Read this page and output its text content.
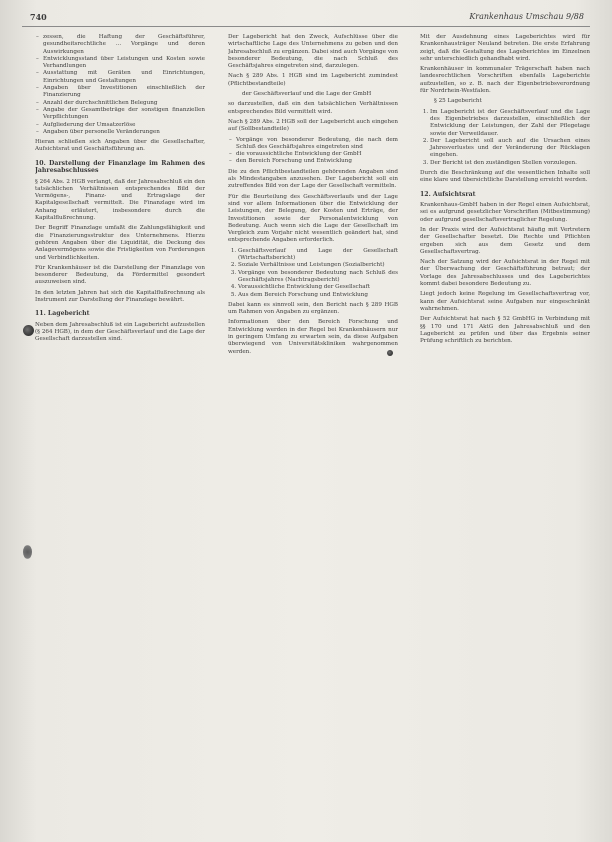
740	Krankenhaus Umschau 9/88
– zessen, die Haftung der Geschäftsführer, gesundheitsrechtliche ... Vorgänge und deren Auswirkungen
– Entwicklungsstand über Leistungen und Kosten sowie Verhandlungen
– Ausstattung mit Geräten und Einrichtungen, Einrichtungen und Gestaltungen
– Angaben über Investitionen einschließlich der Finanzierung
– Anzahl der durchschnittlichen Belegung
– Angabe der Gesamtbeträge der sonstigen finanziellen Verpflichtungen
– Aufgliederung der Umsatzerlöse
– Angaben über personelle Veränderungen

Hieran schließen sich Angaben über die Gesellschafter, Aufsichtsrat und Geschäftsführung an.

10. Darstellung der Finanzlage im Rahmen des Jahresabschlusses

§ 264 Abs. 2 HGB verlangt, daß der Jahresabschluß ein den tatsächlichen Verhältnissen entsprechendes Bild der Vermögens-, Finanz- und Ertragslage der Kapitalgesellschaft vermittelt. Die Finanzlage wird im Anhang erläutert, insbesondere durch die Kapitalflußrechnung.

Der Begriff Finanzlage umfaßt die Zahlungsfähigkeit und die Finanzierungsstruktur des Unternehmens. Hierzu gehören Angaben über die Liquidität, die Deckung des Anlagevermögens sowie die Fristigkeiten von Forderungen und Verbindlichkeiten.

Für Krankenhäuser ist die Darstellung der Finanzlage von besonderer Bedeutung, da Fördermittel gesondert auszuweisen sind.

In den letzten Jahren hat sich die Kapitalflußrechnung als Instrument zur Darstellung der Finanzlage bewährt.

11. Lagebericht

Neben dem Jahresabschluß ist ein Lagebericht aufzustellen (§ 264 HGB), in dem der Geschäftsverlauf und die Lage der Gesellschaft darzustellen sind.

Der Lagebericht hat den Zweck, Aufschlüsse über die wirtschaftliche Lage des Unternehmens zu geben und den Jahresabschluß zu ergänzen. Dabei sind auch Vorgänge von besonderer Bedeutung, die nach Schluß des Geschäftsjahres eingetreten sind, darzulegen.

Nach § 289 Abs. 1 HGB sind im Lagebericht zumindest (Pflichtbestandteile)

der Geschäftsverlauf und die Lage der GmbH

so darzustellen, daß ein den tatsächlichen Verhältnissen entsprechendes Bild vermittelt wird.

Nach § 289 Abs. 2 HGB soll der Lagebericht auch eingehen auf (Sollbestandteile)

– Vorgänge von besonderer Bedeutung, die nach dem Schluß des Geschäftsjahres eingetreten sind
– die voraussichtliche Entwicklung der GmbH
– den Bereich Forschung und Entwicklung

Die zu den Pflichtbestandteilen gehörenden Angaben sind als Mindestangaben anzusehen. Der Lagebericht soll ein zutreffendes Bild von der Lage der Gesellschaft vermitteln.

Für die Beurteilung des Geschäftsverlaufs und der Lage sind vor allem Informationen über die Entwicklung der Leistungen, der Belegung, der Kosten und Erträge, der Investitionen sowie der Personalentwicklung von Bedeutung. Auch wenn sich die Lage der Gesellschaft im Vergleich zum Vorjahr nicht wesentlich geändert hat, sind entsprechende Angaben erforderlich.

1. Geschäftsverlauf und Lage der Gesellschaft (Wirtschaftsbericht)
2. Soziale Verhältnisse und Leistungen (Sozialbericht)
3. Vorgänge von besonderer Bedeutung nach Schluß des Geschäftsjahres (Nachtragsbericht)
4. Voraussichtliche Entwicklung der Gesellschaft
5. Aus dem Bereich Forschung und Entwicklung

Dabei kann es sinnvoll sein, den Bericht nach § 289 HGB um Rahmen von Angaben zu ergänzen.

Informationen über den Bereich Forschung und Entwicklung werden in der Regel bei Krankenhäusern nur in geringem Umfang zu erwarten sein, da diese Aufgaben überwiegend von Universitätskliniken wahrgenommen werden.

Mit der Ausdehnung eines Lageberichtes wird für Krankenhausträger Neuland betreten. Die erste Erfahrung zeigt, daß die Gestaltung des Lageberichtes im Einzelnen sehr unterschiedlich gehandhabt wird.

Krankenhäuser in kommunaler Trägerschaft haben nach landesrechtlichen Vorschriften ebenfalls Lageberichte aufzustellen, so z. B. nach der Eigenbetriebsverordnung für Nordrhein-Westfalen.

§ 25 Lagebericht

1. Im Lagebericht ist der Geschäftsverlauf und die Lage des Eigenbetriebes darzustellen, einschließlich der Entwicklung der Leistungen, der Zahl der Pflegetage sowie der Verweildauer.
2. Der Lagebericht soll auch auf die Ursachen eines Jahresverlustes und der Veränderung der Rücklagen eingehen.
3. Der Bericht ist den zuständigen Stellen vorzulegen.

Durch die Beschränkung auf die wesentlichen Inhalte soll eine klare und übersichtliche Darstellung erreicht werden.

12. Aufsichtsrat

Krankenhaus-GmbH haben in der Regel einen Aufsichtsrat, sei es aufgrund gesetzlicher Vorschriften (Mitbestimmung) oder aufgrund gesellschaftsvertraglicher Regelung.

In der Praxis wird der Aufsichtsrat häufig mit Vertretern der Gesellschafter besetzt. Die Rechte und Pflichten ergeben sich aus dem Gesetz und dem Gesellschaftsvertrag.

Nach der Satzung wird der Aufsichtsrat in der Regel mit der Überwachung der Geschäftsführung betraut; der Vorlage des Jahresabschlusses und des Lageberichtes kommt dabei besondere Bedeutung zu.

Liegt jedoch keine Regelung im Gesellschaftsvertrag vor, kann der Aufsichtsrat seine Aufgaben nur eingeschränkt wahrnehmen.

Der Aufsichtsrat hat nach § 52 GmbHG in Verbindung mit §§ 170 und 171 AktG den Jahresabschluß und den Lagebericht zu prüfen und über das Ergebnis seiner Prüfung schriftlich zu berichten.
